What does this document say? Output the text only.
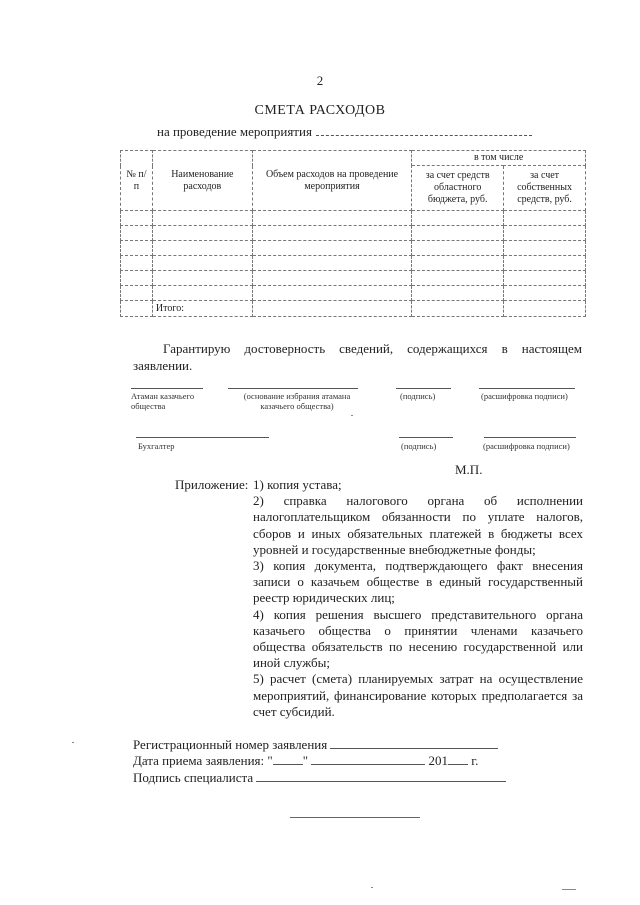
2
СМЕТА РАСХОДОВ
на проведение мероприятия
№ п/п	Наименование расходов	Объем расходов на проведение мероприятия	в том числе	
			за счет средств областного бюджета, руб.	за счет собственных средств, руб.

	Итого:			
Гарантирую достоверность сведений, содержащихся в настоящем
заявлении.
Атаман казачьего общества
(основание избрания атамана казачьего общества)
(подпись)	(расшифровка подписи)
Бухгалтер	(подпись)	(расшифровка подписи)
М.П.
Приложение: 1) копия устава;

2) справка налогового органа об исполнении налогоплательщиком обязанности по уплате налогов, сборов и иных обязательных платежей в бюджеты всех уровней и государственные внебюджетные фонды;

3) копия документа, подтверждающего факт внесения записи о казачьем обществе в единый государственный реестр юридических лиц;

4) копия решения высшего представительного органа казачьего общества о принятии членами казачьего общества обязательств по несению государственной или иной службы;

5) расчет (смета) планируемых затрат на осуществление мероприятий, финансирование которых предполагается за счет субсидий.

Регистрационный номер заявления
Дата приема заявления: " "	201 г.
Подпись специалиста
